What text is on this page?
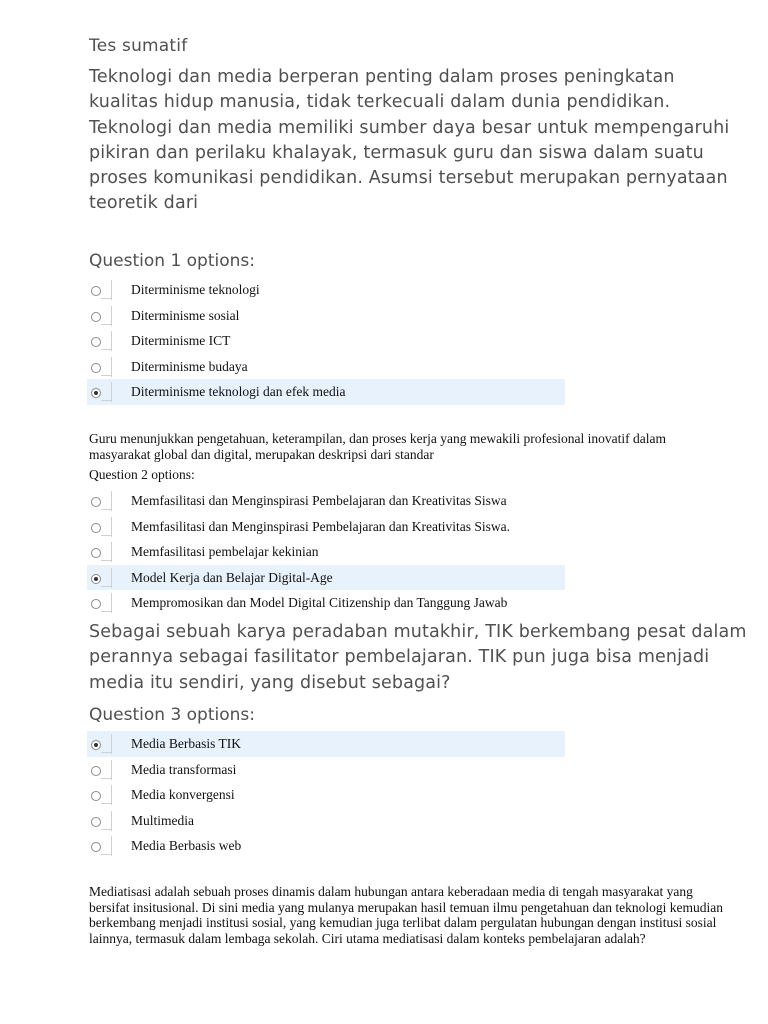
Tes sumatif
Teknologi dan media berperan penting dalam proses peningkatan kualitas hidup manusia, tidak terkecuali dalam dunia pendidikan. Teknologi dan media memiliki sumber daya besar untuk mempengaruhi pikiran dan perilaku khalayak, termasuk guru dan siswa dalam suatu proses komunikasi pendidikan. Asumsi tersebut merupakan pernyataan teoretik dari
Question 1 options:
Diterminisme teknologi
Diterminisme sosial
Diterminisme ICT
Diterminisme budaya
Diterminisme teknologi dan efek media
Guru menunjukkan pengetahuan, keterampilan, dan proses kerja yang mewakili profesional inovatif dalam masyarakat global dan digital, merupakan deskripsi dari standar
Question 2 options:
Memfasilitasi dan Menginspirasi Pembelajaran dan Kreativitas Siswa
Memfasilitasi dan Menginspirasi Pembelajaran dan Kreativitas Siswa.
Memfasilitasi pembelajar kekinian
Model Kerja dan Belajar Digital-Age
Mempromosikan dan Model Digital Citizenship dan Tanggung Jawab
Sebagai sebuah karya peradaban mutakhir, TIK berkembang pesat dalam perannya sebagai fasilitator pembelajaran. TIK pun juga bisa menjadi media itu sendiri, yang disebut sebagai?
Question 3 options:
Media Berbasis TIK
Media transformasi
Media konvergensi
Multimedia
Media Berbasis web
Mediatisasi adalah sebuah proses dinamis dalam hubungan antara keberadaan media di tengah masyarakat yang bersifat insitusional. Di sini media yang mulanya merupakan hasil temuan ilmu pengetahuan dan teknologi kemudian berkembang menjadi institusi sosial, yang kemudian juga terlibat dalam pergulatan hubungan dengan institusi sosial lainnya, termasuk dalam lembaga sekolah. Ciri utama mediatisasi dalam konteks pembelajaran adalah?
